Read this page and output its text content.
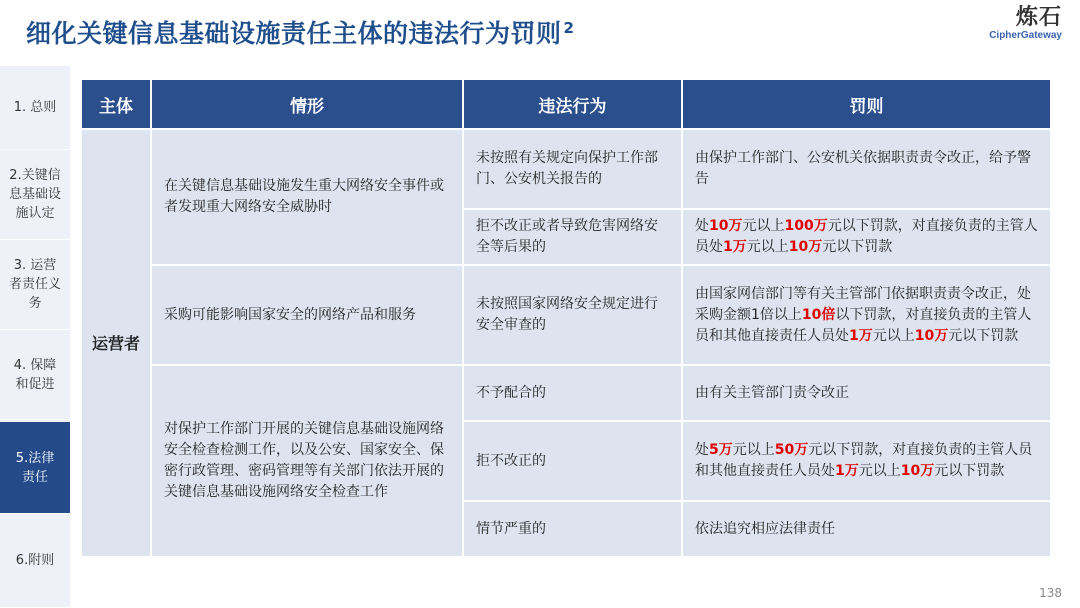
细化关键信息基础设施责任主体的违法行为罚则 $^2$	炼石
CipherGateway
1. 总则
2.关键信息基础设施认定
3. 运营者责任义务
4. 保障和促进
5.法律责任
6.附则
主体	情形	违法行为	罚则
运营者	在关键信息基础设施发生重大网络安全事件或者发现重大网络安全威胁时	未按照有关规定向保护工作部门、公安机关报告的	由保护工作部门、公安机关依据职责责令改正，给予警告
		拒不改正或者导致危害网络安全等后果的	处10万元以上100万元以下罚款，对直接负责的主管人员处1万元以上10万元以下罚款
	采购可能影响国家安全的网络产品和服务	未按照国家网络安全规定进行安全审查的	由国家网信部门等有关主管部门依据职责责令改正，处采购金额1倍以上10倍以下罚款，对直接负责的主管人员和其他直接责任人员处1万元以上10万元以下罚款
	对保护工作部门开展的关键信息基础设施网络安全检查检测工作，以及公安、国家安全、保密行政管理、密码管理等有关部门依法开展的关键信息基础设施网络安全检查工作	不予配合的	由有关主管部门责令改正
		拒不改正的	处5万元以上50万元以下罚款，对直接负责的主管人员和其他直接责任人员处1万元以上10万元以下罚款
		情节严重的	依法追究相应法律责任
138
